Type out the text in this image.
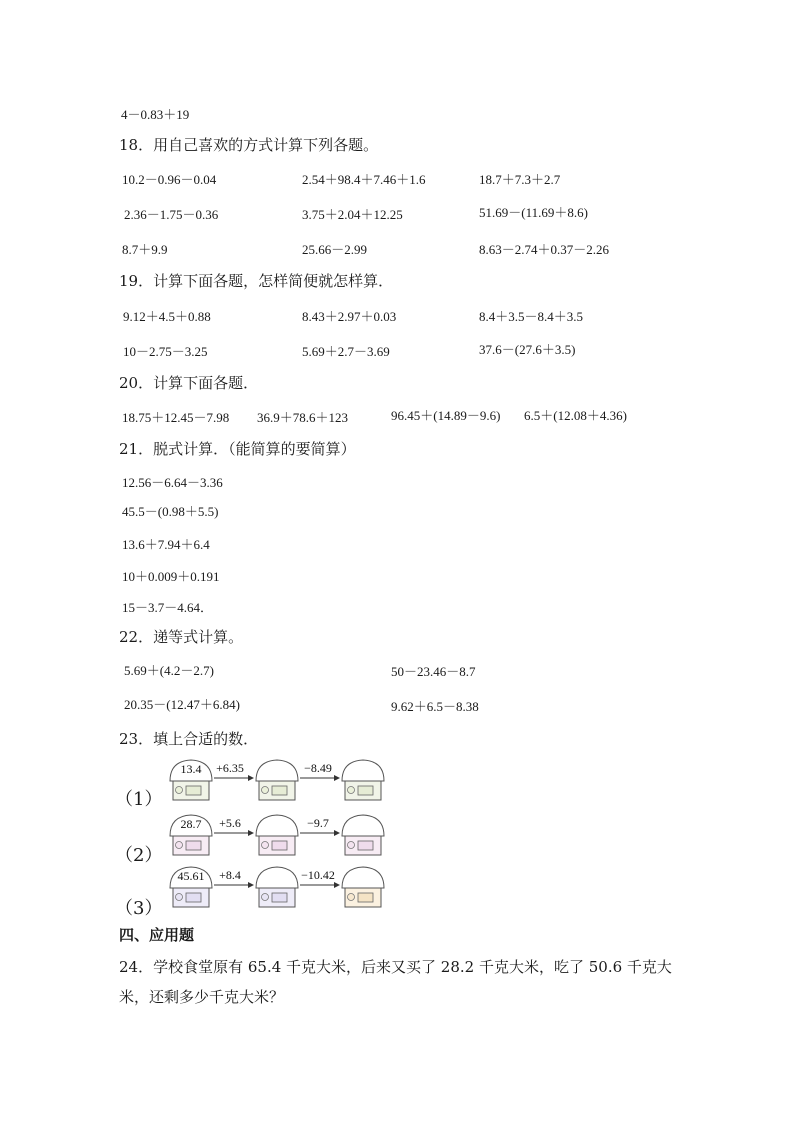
4－0.83＋19
18．用自己喜欢的方式计算下列各题。
10.2－0.96－0.04	2.54＋98.4＋7.46＋1.6	18.7＋7.3＋2.7
2.36－1.75－0.36	3.75＋2.04＋12.25	51.69－(11.69＋8.6)
8.7＋9.9	25.66－2.99	8.63－2.74＋0.37－2.26
19．计算下面各题，怎样简便就怎样算．
9.12＋4.5＋0.88	8.43＋2.97＋0.03	8.4＋3.5－8.4＋3.5
10－2.75－3.25	5.69＋2.7－3.69	37.6－(27.6＋3.5)
20．计算下面各题．
18.75＋12.45－7.98 36.9＋78.6＋123	96.45＋(14.89－9.6) 6.5＋(12.08＋4.36)
21．脱式计算．（能简算的要简算）
12.56－6.64－3.36
45.5－(0.98＋5.5)
13.6＋7.94＋6.4
10＋0.009＋0.191
15－3.7－4.64．
22．递等式计算。
5.69＋(4.2－2.7)	50－23.46－8.7
20.35－(12.47＋6.84)	9.62＋6.5－8.38
23．填上合适的数．
（1）
13.4 +6.35	−8.49
（2）
28.7 +5.6	−9.7
（3）
45.61 +8.4	−10.42
四、应用题
24．学校食堂原有 65.4 千克大米，后来又买了 28.2 千克大米，吃了 50.6 千克大米，还剩多少千克大米？
